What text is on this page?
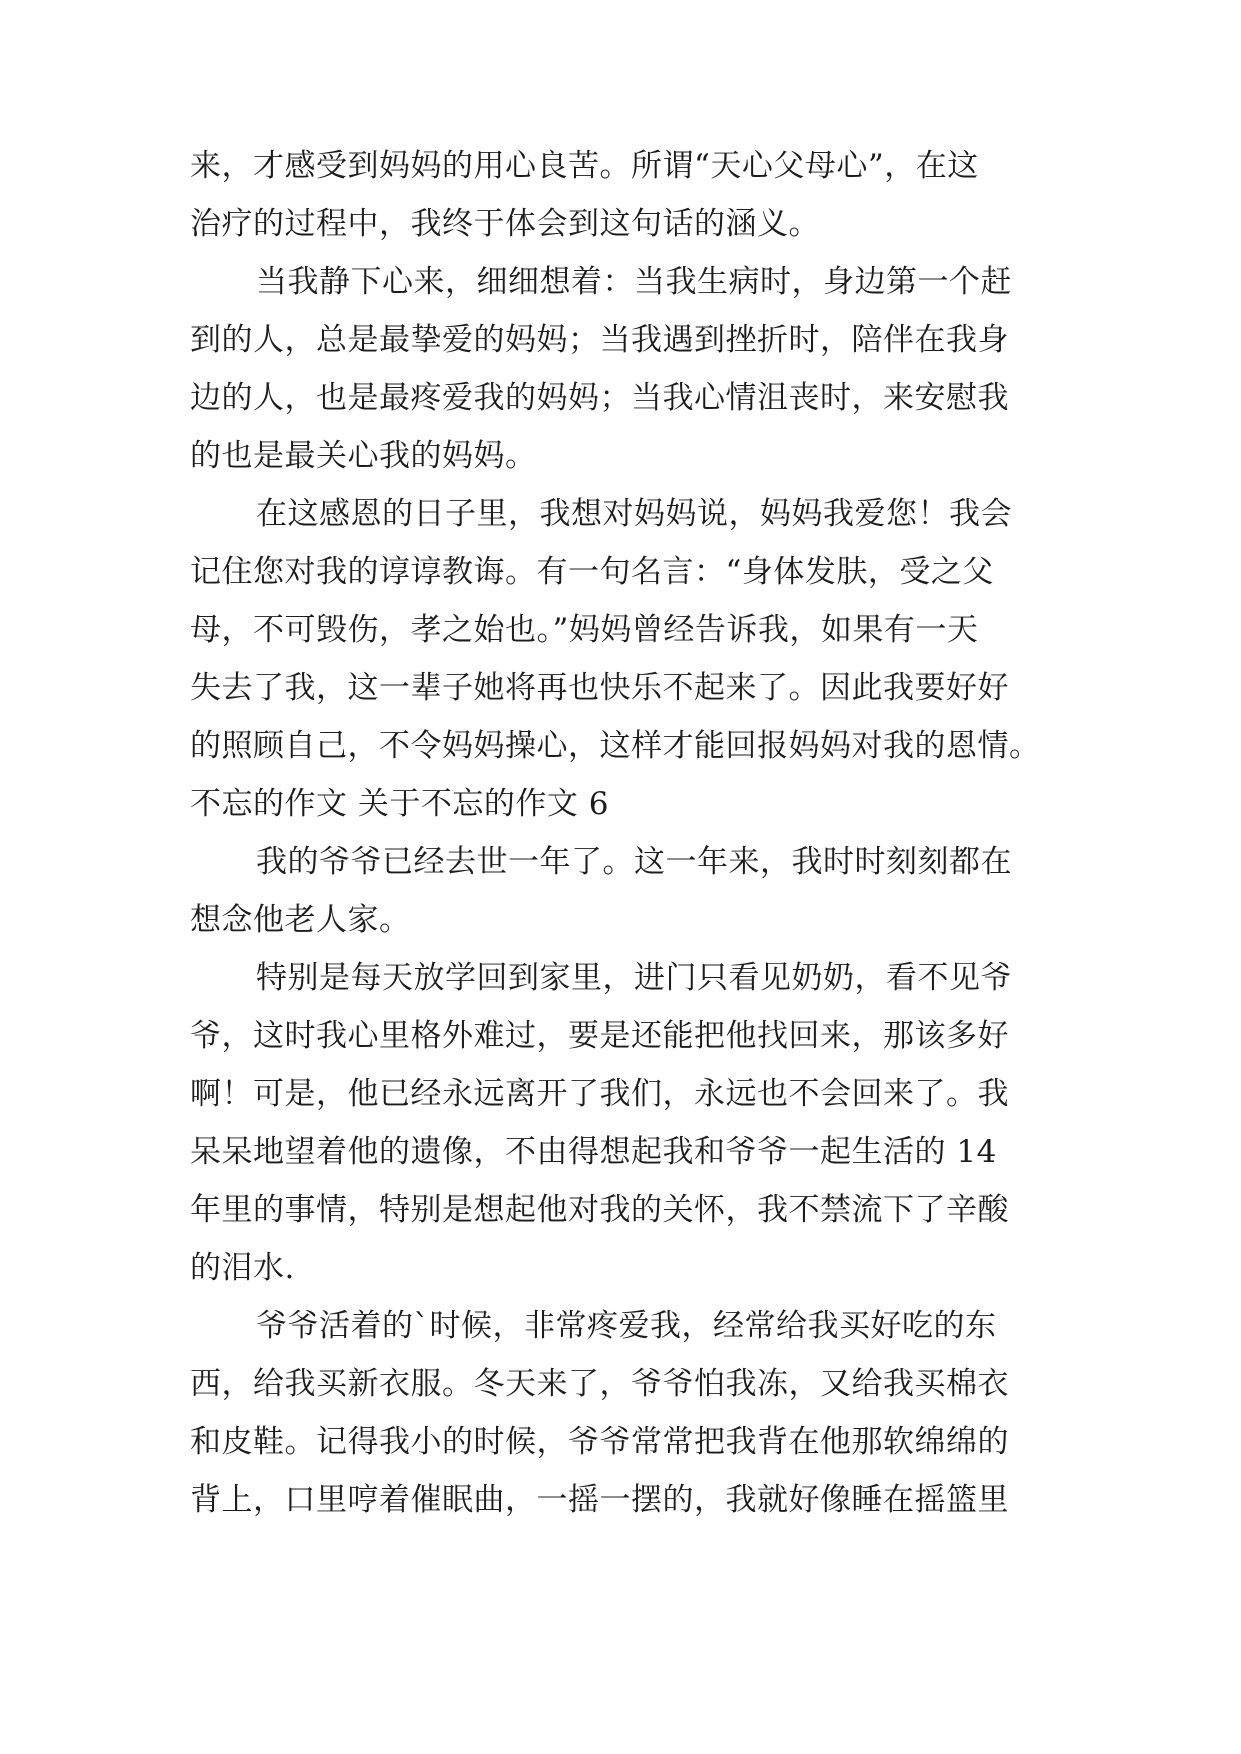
来，才感受到妈妈的用心良苦。所谓“天心父母心”，在这
治疗的过程中，我终于体会到这句话的涵义。
当我静下心来，细细想着：当我生病时，身边第一个赶
到的人，总是最挚爱的妈妈；当我遇到挫折时，陪伴在我身
边的人，也是最疼爱我的妈妈；当我心情沮丧时，来安慰我
的也是最关心我的妈妈。
在这感恩的日子里，我想对妈妈说，妈妈我爱您！我会
记住您对我的谆谆教诲。有一句名言：“身体发肤，受之父
母，不可毁伤，孝之始也。”妈妈曾经告诉我，如果有一天
失去了我，这一辈子她将再也快乐不起来了。因此我要好好
的照顾自己，不令妈妈操心，这样才能回报妈妈对我的恩情。
不忘的作文 关于不忘的作文 6
我的爷爷已经去世一年了。这一年来，我时时刻刻都在
想念他老人家。
特别是每天放学回到家里，进门只看见奶奶，看不见爷
爷，这时我心里格外难过，要是还能把他找回来，那该多好
啊！可是，他已经永远离开了我们，永远也不会回来了。我
呆呆地望着他的遗像，不由得想起我和爷爷一起生活的 14
年里的事情，特别是想起他对我的关怀，我不禁流下了辛酸
的泪水.
爷爷活着的`时候，非常疼爱我，经常给我买好吃的东
西，给我买新衣服。冬天来了，爷爷怕我冻，又给我买棉衣
和皮鞋。记得我小的时候，爷爷常常把我背在他那软绵绵的
背上，口里哼着催眠曲，一摇一摆的，我就好像睡在摇篮里
